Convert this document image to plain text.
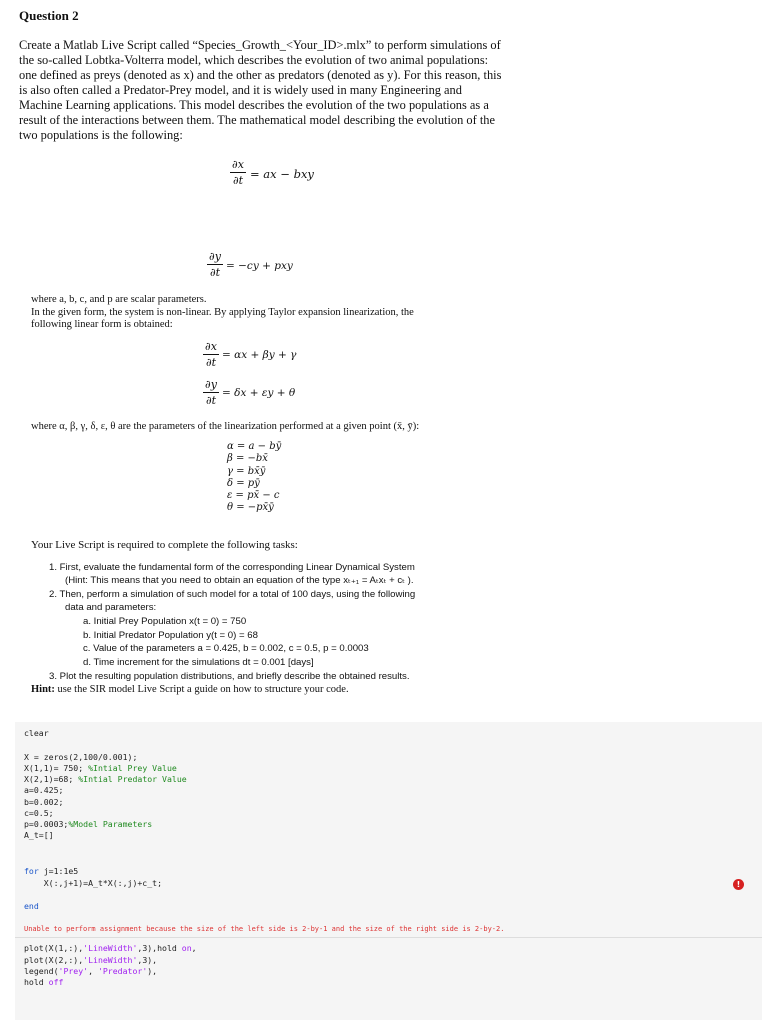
Question 2
Create a Matlab Live Script called “Species_Growth_<Your_ID>.mlx” to perform simulations of
the so-called Lobtka-Volterra model, which describes the evolution of two animal populations:
one defined as preys (denoted as x) and the other as predators (denoted as y). For this reason, this
is also often called a Predator-Prey model, and it is widely used in many Engineering and
Machine Learning applications. This model describes the evolution of the two populations as a
result of the interactions between them. The mathematical model describing the evolution of the
two populations is the following:
∂x
∂t = ax − bxy
∂y
∂t = −cy + pxy
where a, b, c, and p are scalar parameters.
In the given form, the system is non-linear. By applying Taylor expansion linearization, the
following linear form is obtained:
∂x
∂t
= αx + βy + γ
∂y
∂t
= δx + εy + θ
where α, β, γ, δ, ε, θ are the parameters of the linearization performed at a given point (x̄, ȳ):
α = a − bȳ
β = −bx̄
γ = bx̄ȳ
δ = pȳ
ε = px̄ − c
θ = −px̄ȳ
Your Live Script is required to complete the following tasks:
1. First, evaluate the fundamental form of the corresponding Linear Dynamical System
(Hint: This means that you need to obtain an equation of the type xₜ₊₁ = Aₜxₜ + cₜ ).
2. Then, perform a simulation of such model for a total of 100 days, using the following
data and parameters:
a. Initial Prey Population x(t = 0) = 750
b. Initial Predator Population y(t = 0) = 68
c. Value of the parameters a = 0.425, b = 0.002, c = 0.5, p = 0.0003
d. Time increment for the simulations dt = 0.001 [days]
3. Plot the resulting population distributions, and briefly describe the obtained results.
Hint: use the SIR model Live Script a guide on how to structure your code.
clear
X = zeros(2,100/0.001);
X(1,1)= 750; %Intial Prey Value
X(2,1)=68; %Intial Predator Value
a=0.425;
b=0.002;
c=0.5;
p=0.0003;%Model Parameters
A_t=[]
for j=1:1e5
X(:,j+1)=A_t*X(:,j)+c_t;
end
!
Unable to perform assignment because the size of the left side is 2-by-1 and the size of the right side is 2-by-2.
plot(X(1,:),'LineWidth',3),hold on,
plot(X(2,:),'LineWidth',3),
legend('Prey', 'Predator'),
hold off
